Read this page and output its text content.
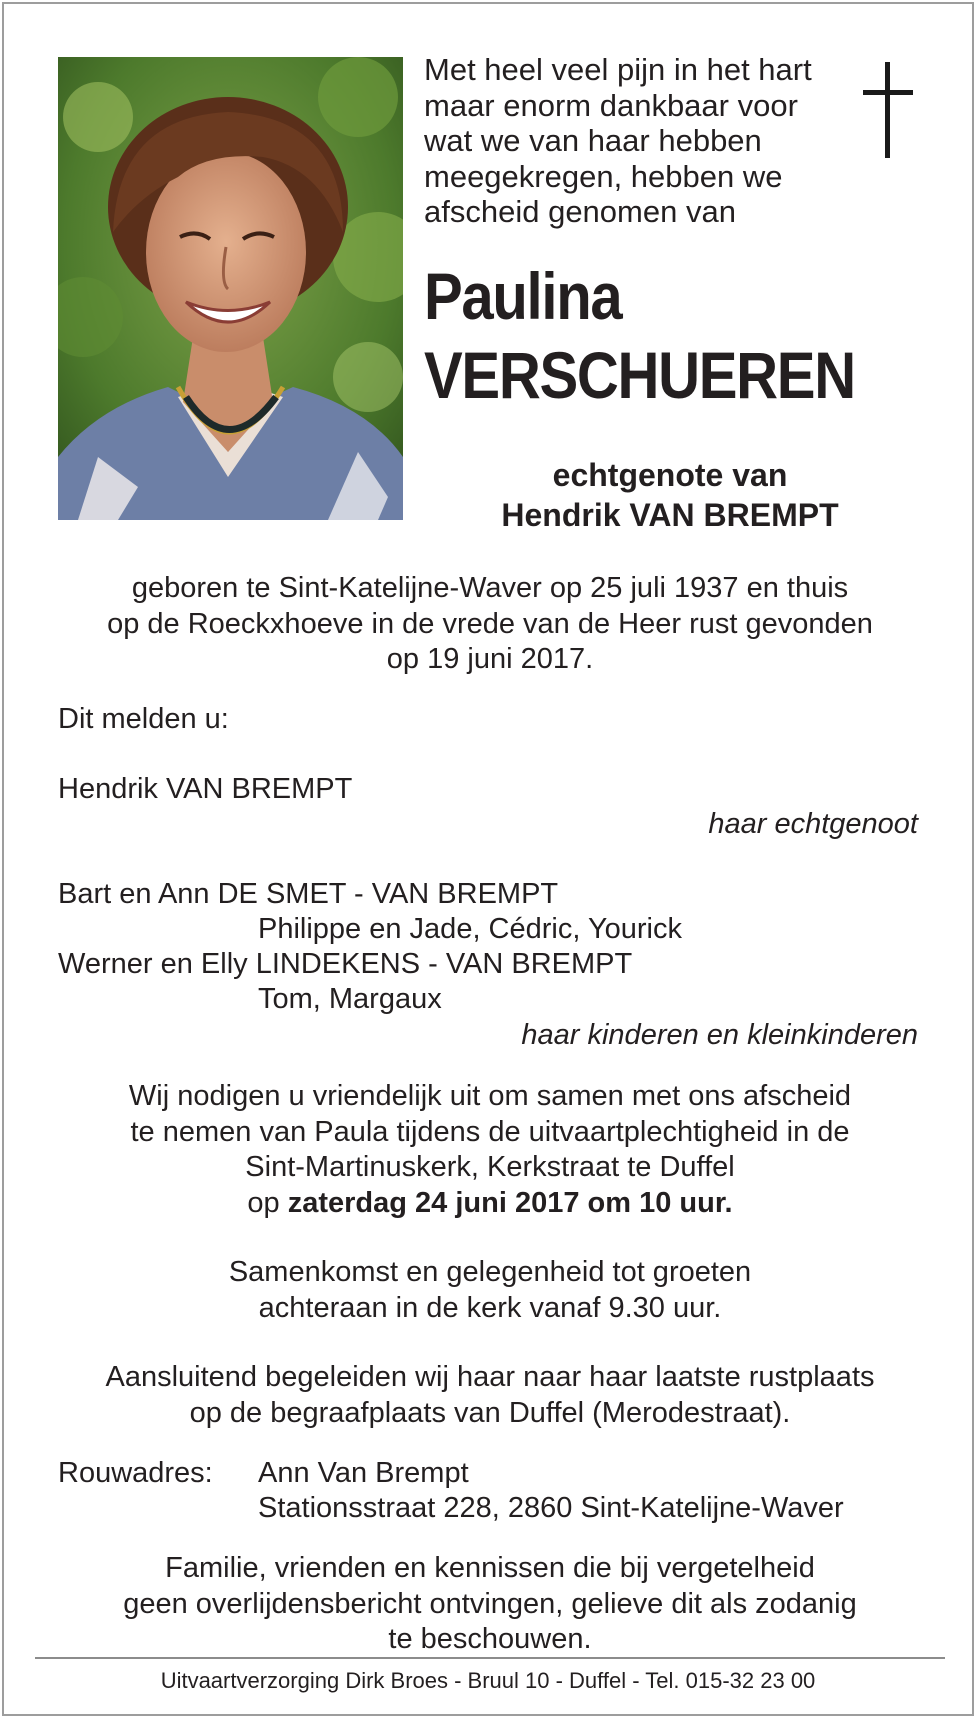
Met heel veel pijn in het hart
maar enorm dankbaar voor
wat we van haar hebben
meegekregen, hebben we
afscheid genomen van
Paulina
VERSCHUEREN
echtgenote van
Hendrik VAN BREMPT
geboren te Sint-Katelijne-Waver op 25 juli 1937 en thuis
op de Roeckxhoeve in de vrede van de Heer rust gevonden
op 19 juni 2017.
Dit melden u:
Hendrik VAN BREMPT
haar echtgenoot
Bart en Ann DE SMET - VAN BREMPT
Philippe en Jade, Cédric, Yourick
Werner en Elly LINDEKENS - VAN BREMPT
Tom, Margaux
haar kinderen en kleinkinderen
Wij nodigen u vriendelijk uit om samen met ons afscheid
te nemen van Paula tijdens de uitvaartplechtigheid in de
Sint-Martinuskerk, Kerkstraat te Duffel
op zaterdag 24 juni 2017 om 10 uur.
Samenkomst en gelegenheid tot groeten
achteraan in de kerk vanaf 9.30 uur.
Aansluitend begeleiden wij haar naar haar laatste rustplaats
op de begraafplaats van Duffel (Merodestraat).
Rouwadres: Ann Van Brempt
Stationsstraat 228, 2860 Sint-Katelijne-Waver
Familie, vrienden en kennissen die bij vergetelheid
geen overlijdensbericht ontvingen, gelieve dit als zodanig
te beschouwen.
Uitvaartverzorging Dirk Broes - Bruul 10 - Duffel - Tel. 015-32 23 00
